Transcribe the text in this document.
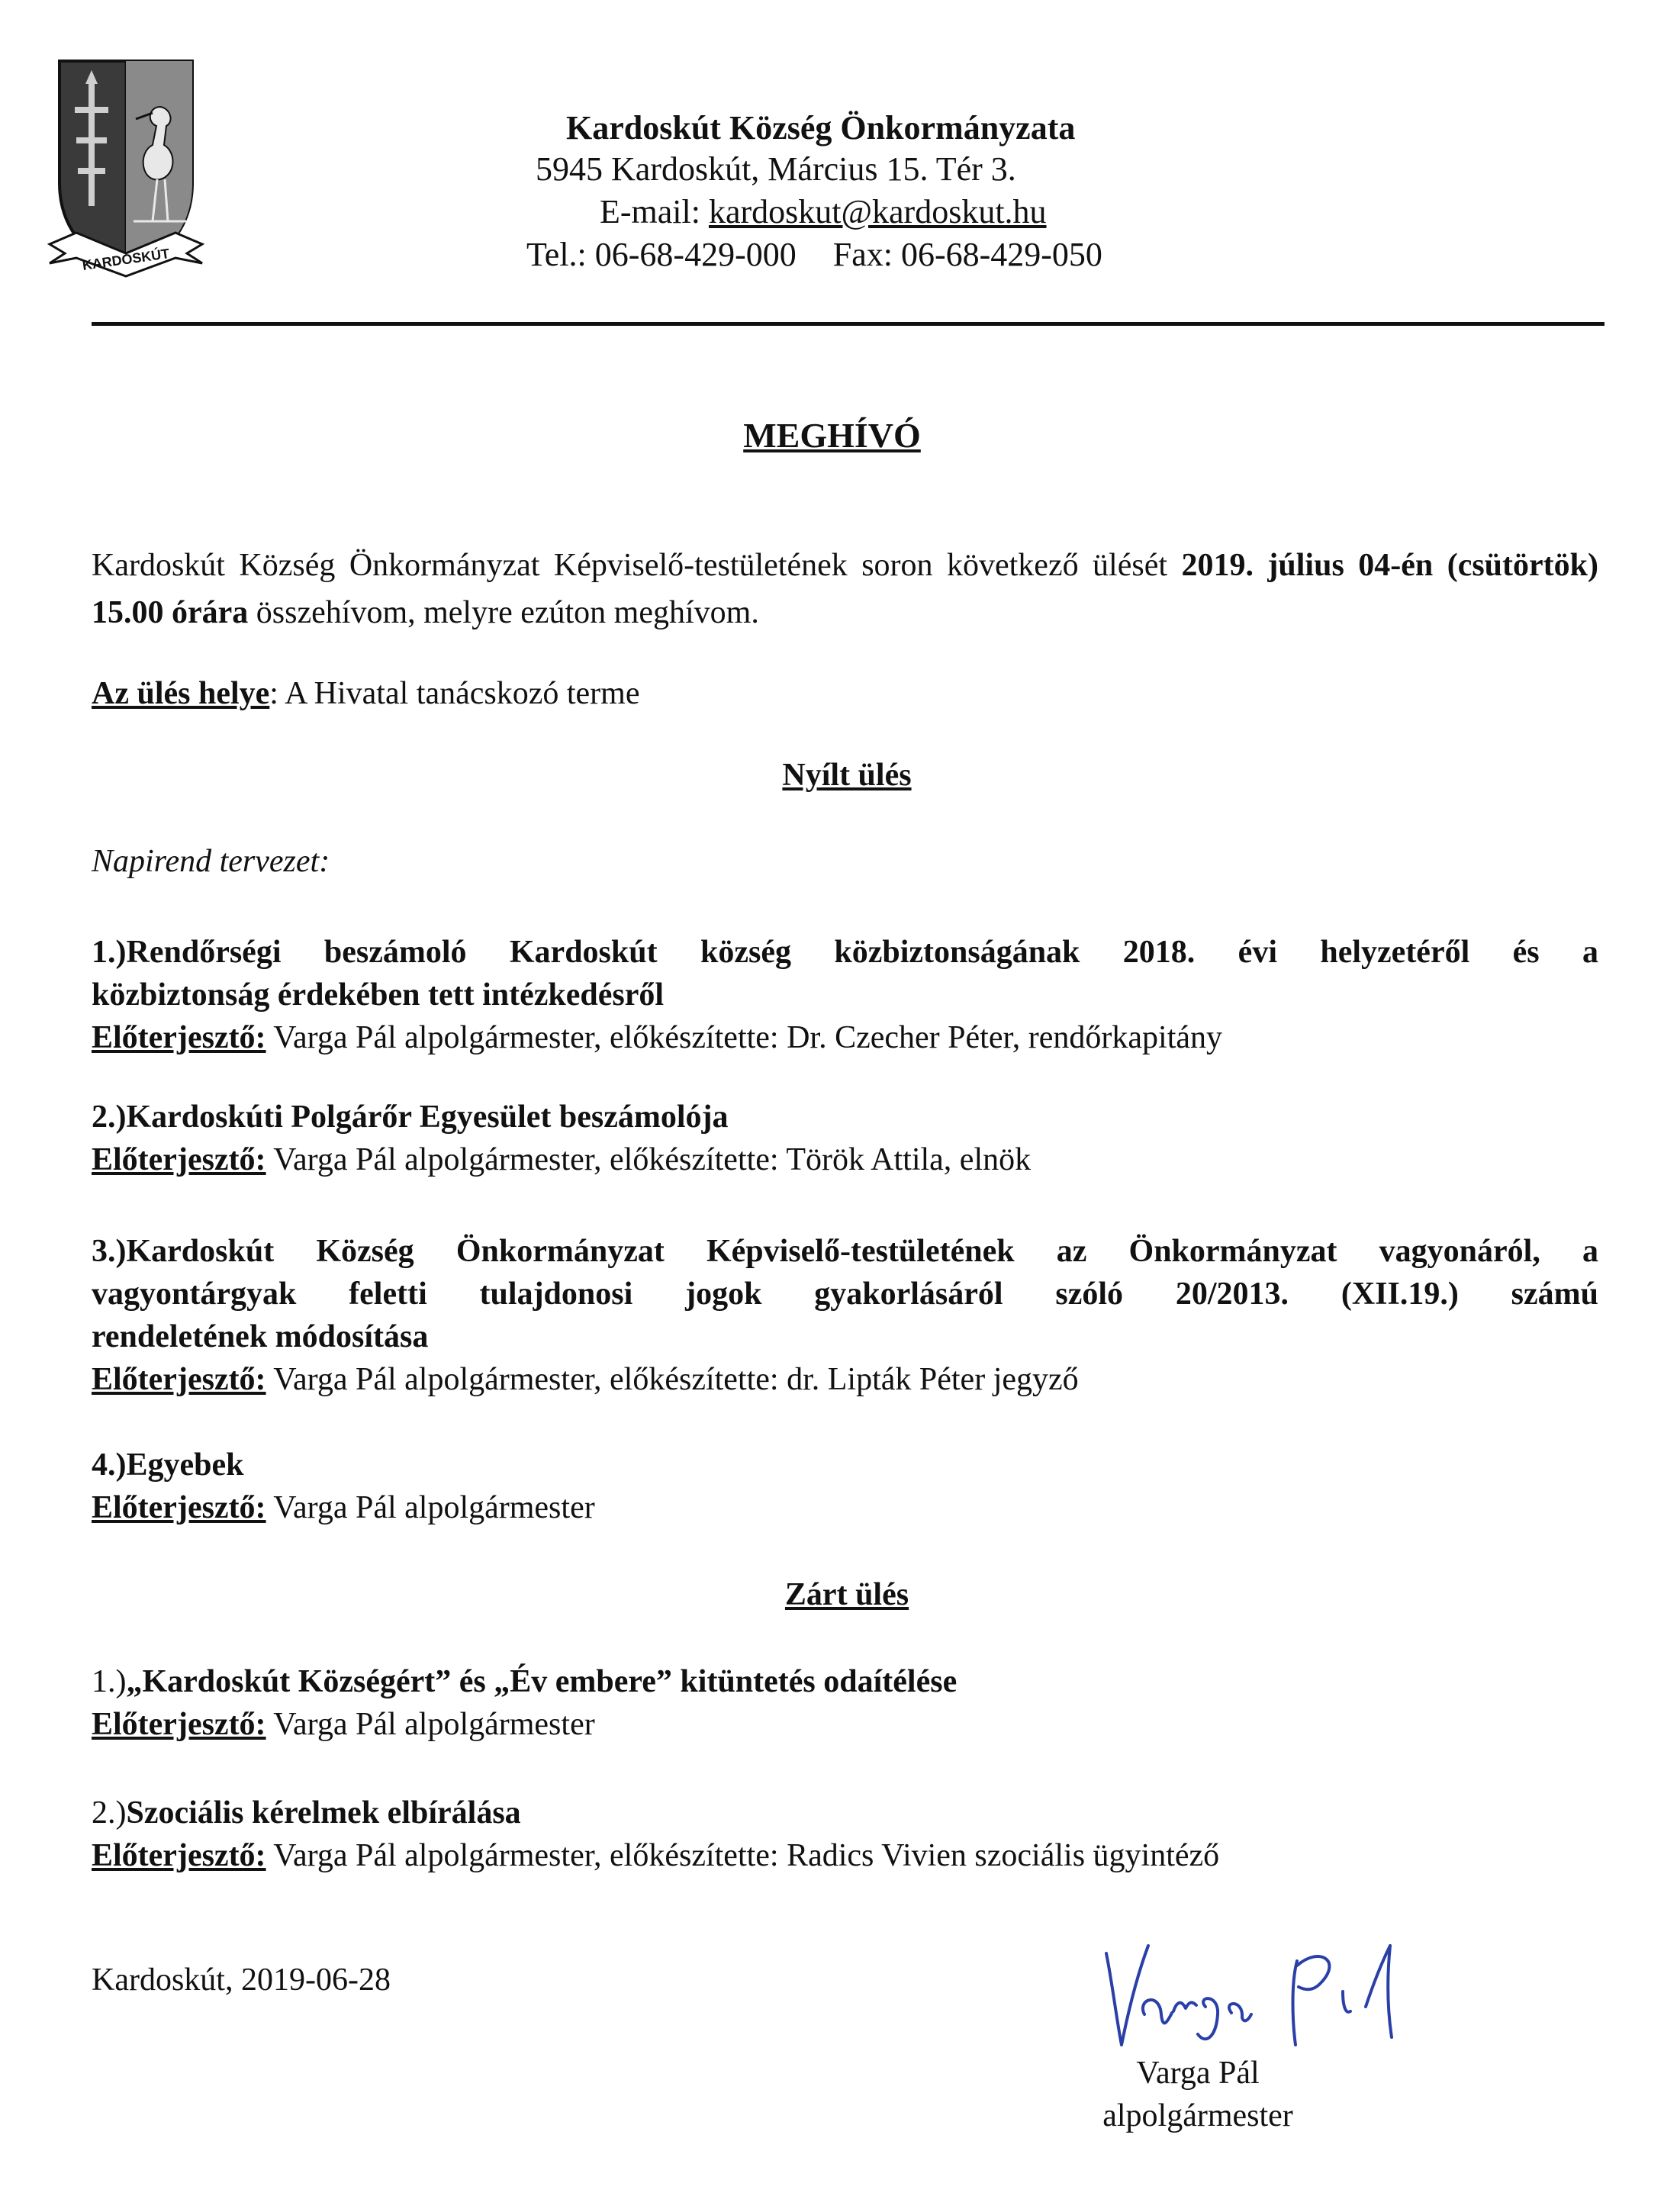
KARDOSKÚT
Kardoskút Község Önkormányzata
5945 Kardoskút, Március 15. Tér 3.
E-mail: kardoskut@kardoskut.hu
Tel.: 06-68-429-000 Fax: 06-68-429-050
MEGHÍVÓ
Kardoskút Község Önkormányzat Képviselő-testületének soron következő ülését 2019. július 04-én (csütörtök) 15.00 órára összehívom, melyre ezúton meghívom.
Az ülés helye: A Hivatal tanácskozó terme
Nyílt ülés
Napirend tervezet:
1.)Rendőrségi beszámoló Kardoskút község közbiztonságának 2018. évi helyzetéről és a
közbiztonság érdekében tett intézkedésről
Előterjesztő: Varga Pál alpolgármester, előkészítette: Dr. Czecher Péter, rendőrkapitány
2.)Kardoskúti Polgárőr Egyesület beszámolója
Előterjesztő: Varga Pál alpolgármester, előkészítette: Török Attila, elnök
3.)Kardoskút Község Önkormányzat Képviselő-testületének az Önkormányzat vagyonáról, a
vagyontárgyak feletti tulajdonosi jogok gyakorlásáról szóló 20/2013. (XII.19.) számú
rendeletének módosítása
Előterjesztő: Varga Pál alpolgármester, előkészítette: dr. Lipták Péter jegyző
4.)Egyebek
Előterjesztő: Varga Pál alpolgármester
Zárt ülés
1.)„Kardoskút Községért” és „Év embere” kitüntetés odaítélése
Előterjesztő: Varga Pál alpolgármester
2.)Szociális kérelmek elbírálása
Előterjesztő: Varga Pál alpolgármester, előkészítette: Radics Vivien szociális ügyintéző
Kardoskút, 2019-06-28
Varga Pál
alpolgármester
